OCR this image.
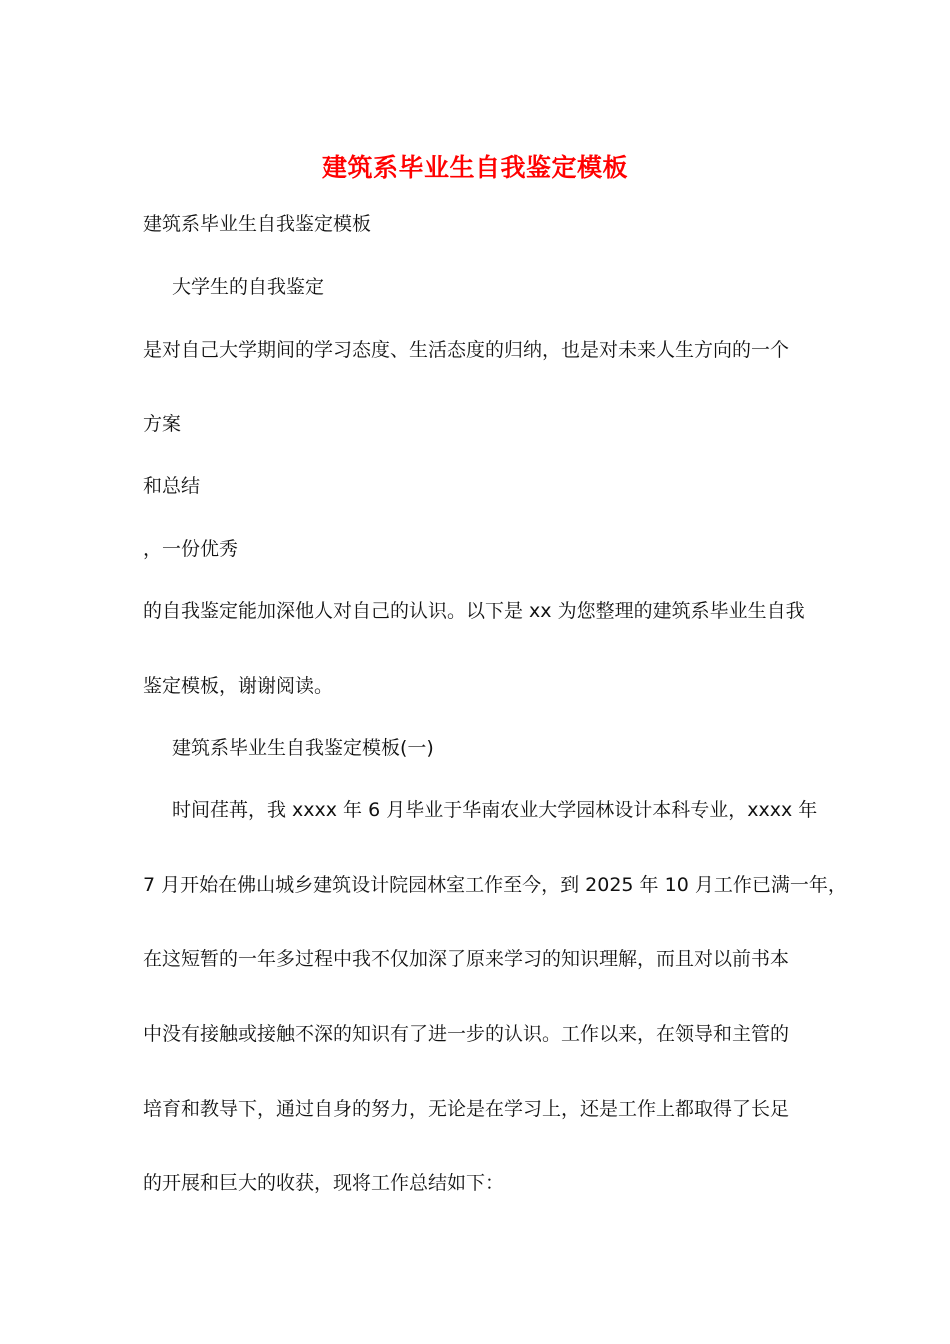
建筑系毕业生自我鉴定模板
建筑系毕业生自我鉴定模板
大学生的自我鉴定
是对自己大学期间的学习态度、生活态度的归纳，也是对未来人生方向的一个
方案
和总结
，一份优秀
的自我鉴定能加深他人对自己的认识。以下是 xx 为您整理的建筑系毕业生自我
鉴定模板，谢谢阅读。
建筑系毕业生自我鉴定模板(一)
时间荏苒，我 xxxx 年 6 月毕业于华南农业大学园林设计本科专业，xxxx 年
7 月开始在佛山城乡建筑设计院园林室工作至今，到 2025 年 10 月工作已满一年，
在这短暂的一年多过程中我不仅加深了原来学习的知识理解，而且对以前书本
中没有接触或接触不深的知识有了进一步的认识。工作以来，在领导和主管的
培育和教导下，通过自身的努力，无论是在学习上，还是工作上都取得了长足
的开展和巨大的收获，现将工作总结如下：
